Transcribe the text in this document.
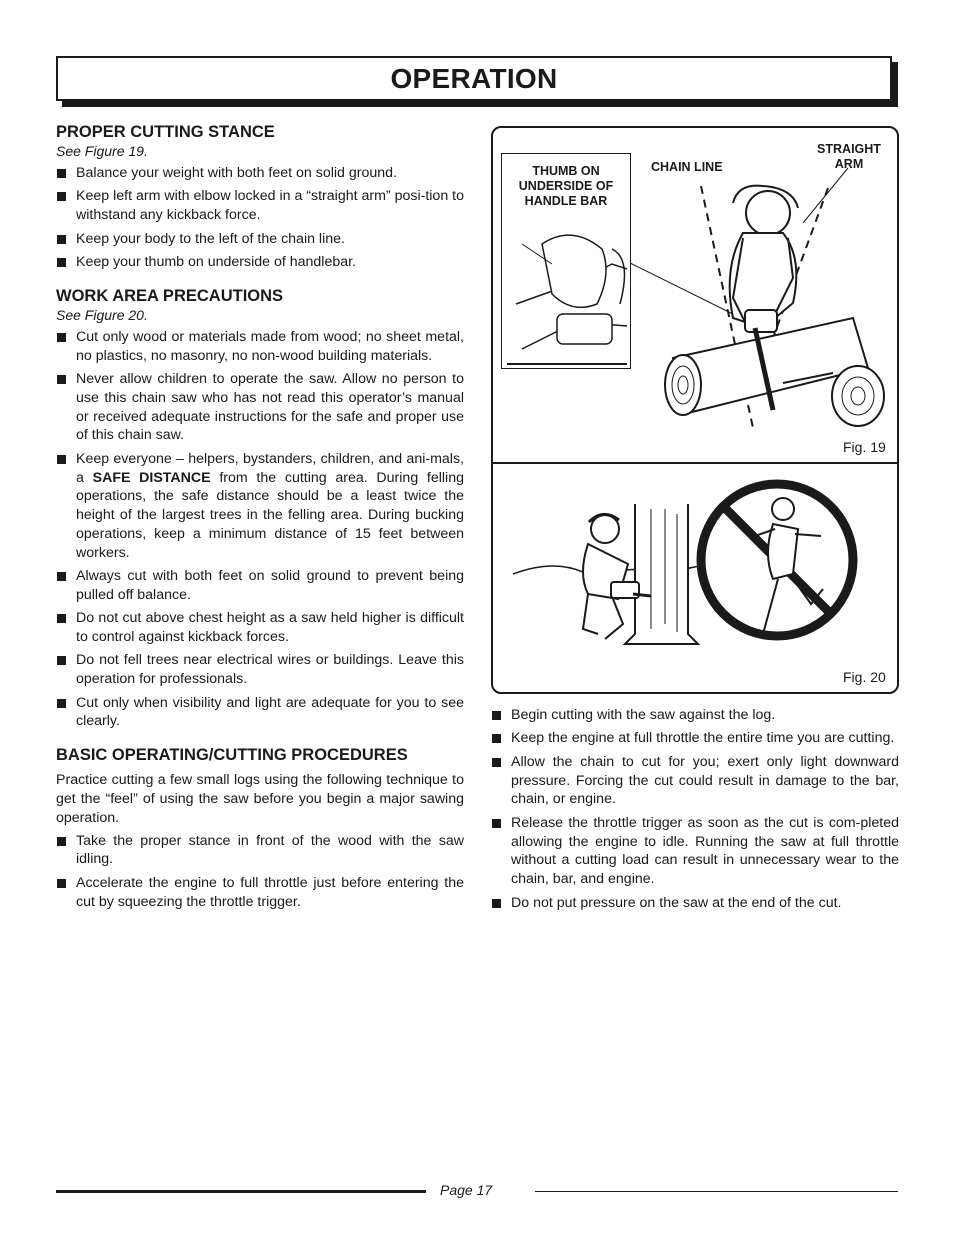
OPERATION
PROPER CUTTING STANCE

See Figure 19.

Balance your weight with both feet on solid ground.
Keep left arm with elbow locked in a “straight arm” posi-tion to withstand any kickback force.
Keep your body to the left of the chain line.
Keep your thumb on underside of handlebar.
WORK AREA PRECAUTIONS

See Figure 20.

Cut only wood or materials made from wood; no sheet metal, no plastics, no masonry, no non-wood building materials.
Never allow children to operate the saw. Allow no person to use this chain saw who has not read this operator’s manual or received adequate instructions for the safe and proper use of this chain saw.
Keep everyone – helpers, bystanders, children, and ani-mals, a SAFE DISTANCE from the cutting area. During felling operations, the safe distance should be a least twice the height of the largest trees in the felling area. During bucking operations, keep a minimum distance of 15 feet between workers.
Always cut with both feet on solid ground to prevent being pulled off balance.
Do not cut above chest height as a saw held higher is difficult to control against kickback forces.
Do not fell trees near electrical wires or buildings. Leave this operation for professionals.
Cut only when visibility and light are adequate for you to see clearly.
BASIC OPERATING/CUTTING PROCEDURES

Practice cutting a few small logs using the following technique to get the “feel” of using the saw before you begin a major sawing operation.

Take the proper stance in front of the wood with the saw idling.
Accelerate the engine to full throttle just before entering the cut by squeezing the throttle trigger.
THUMB ON UNDERSIDE OF HANDLE BAR
CHAIN LINE
STRAIGHT ARM
Fig. 19
Fig. 20
Begin cutting with the saw against the log.
Keep the engine at full throttle the entire time you are cutting.
Allow the chain to cut for you; exert only light downward pressure. Forcing the cut could result in damage to the bar, chain, or engine.
Release the throttle trigger as soon as the cut is com-pleted allowing the engine to idle. Running the saw at full throttle without a cutting load can result in unnecessary wear to the chain, bar, and engine.
Do not put pressure on the saw at the end of the cut.
Page 17
